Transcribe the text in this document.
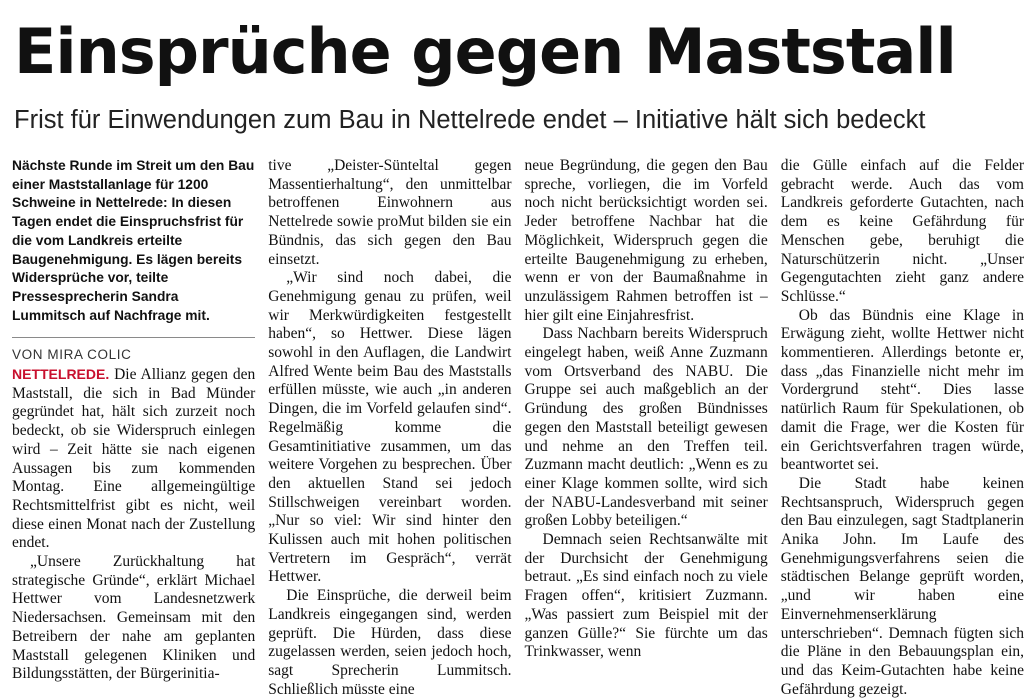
Einsprüche gegen Maststall
Frist für Einwendungen zum Bau in Nettelrede endet – Initiative hält sich bedeckt

Nächste Runde im Streit um den Bau einer Maststallanlage für 1200 Schweine in Nettelrede: In diesen Tagen endet die Einspruchsfrist für die vom Landkreis erteilte Baugenehmigung. Es lägen bereits Widersprüche vor, teilte Pressesprecherin Sandra Lummitsch auf Nachfrage mit.

VON MIRA COLIC

NETTELREDE. Die Allianz gegen den Maststall, die sich in Bad Münder gegründet hat, hält sich zurzeit noch bedeckt, ob sie Widerspruch einlegen wird – Zeit hätte sie nach eigenen Aussagen bis zum kommenden Montag. Eine allgemeingültige Rechtsmittelfrist gibt es nicht, weil diese einen Monat nach der Zustellung endet.

„Unsere Zurückhaltung hat strategische Gründe“, erklärt Michael Hettwer vom Landesnetzwerk Niedersachsen. Gemeinsam mit den Betreibern der nahe am geplanten Maststall gelegenen Kliniken und Bildungsstätten, der Bürgerinitia-

tive „Deister-Sünteltal gegen Massentierhaltung“, den unmittelbar betroffenen Einwohnern aus Nettelrede sowie proMut bilden sie ein Bündnis, das sich gegen den Bau einsetzt.

„Wir sind noch dabei, die Genehmigung genau zu prüfen, weil wir Merkwürdigkeiten festgestellt haben“, so Hettwer. Diese lägen sowohl in den Auflagen, die Landwirt Alfred Wente beim Bau des Maststalls erfüllen müsste, wie auch „in anderen Dingen, die im Vorfeld gelaufen sind“. Regelmäßig komme die Gesamtinitiative zusammen, um das weitere Vorgehen zu besprechen. Über den aktuellen Stand sei jedoch Stillschweigen vereinbart worden. „Nur so viel: Wir sind hinter den Kulissen auch mit hohen politischen Vertretern im Gespräch“, verrät Hettwer.

Die Einsprüche, die derweil beim Landkreis eingegangen sind, werden geprüft. Die Hürden, dass diese zugelassen werden, seien jedoch hoch, sagt Sprecherin Lummitsch. Schließlich müsste eine

neue Begründung, die gegen den Bau spreche, vorliegen, die im Vorfeld noch nicht berücksichtigt worden sei. Jeder betroffene Nachbar hat die Möglichkeit, Widerspruch gegen die erteilte Baugenehmigung zu erheben, wenn er von der Baumaßnahme in unzulässigem Rahmen betroffen ist – hier gilt eine Einjahresfrist.

Dass Nachbarn bereits Widerspruch eingelegt haben, weiß Anne Zuzmann vom Ortsverband des NABU. Die Gruppe sei auch maßgeblich an der Gründung des großen Bündnisses gegen den Maststall beteiligt gewesen und nehme an den Treffen teil. Zuzmann macht deutlich: „Wenn es zu einer Klage kommen sollte, wird sich der NABU-Landesverband mit seiner großen Lobby beteiligen.“

Demnach seien Rechtsanwälte mit der Durchsicht der Genehmigung betraut. „Es sind einfach noch zu viele Fragen offen“, kritisiert Zuzmann. „Was passiert zum Beispiel mit der ganzen Gülle?“ Sie fürchte um das Trinkwasser, wenn

die Gülle einfach auf die Felder gebracht werde. Auch das vom Landkreis geforderte Gutachten, nach dem es keine Gefährdung für Menschen gebe, beruhigt die Naturschützerin nicht. „Unser Gegengutachten zieht ganz andere Schlüsse.“

Ob das Bündnis eine Klage in Erwägung zieht, wollte Hettwer nicht kommentieren. Allerdings betonte er, dass „das Finanzielle nicht mehr im Vordergrund steht“. Dies lasse natürlich Raum für Spekulationen, ob damit die Frage, wer die Kosten für ein Gerichtsverfahren tragen würde, beantwortet sei.

Die Stadt habe keinen Rechtsanspruch, Widerspruch gegen den Bau einzulegen, sagt Stadtplanerin Anika John. Im Laufe des Genehmigungsverfahrens seien die städtischen Belange geprüft worden, „und wir haben eine Einvernehmenserklärung unterschrieben“. Demnach fügten sich die Pläne in den Bebauungsplan ein, und das Keim-Gutachten habe keine Gefährdung gezeigt.
